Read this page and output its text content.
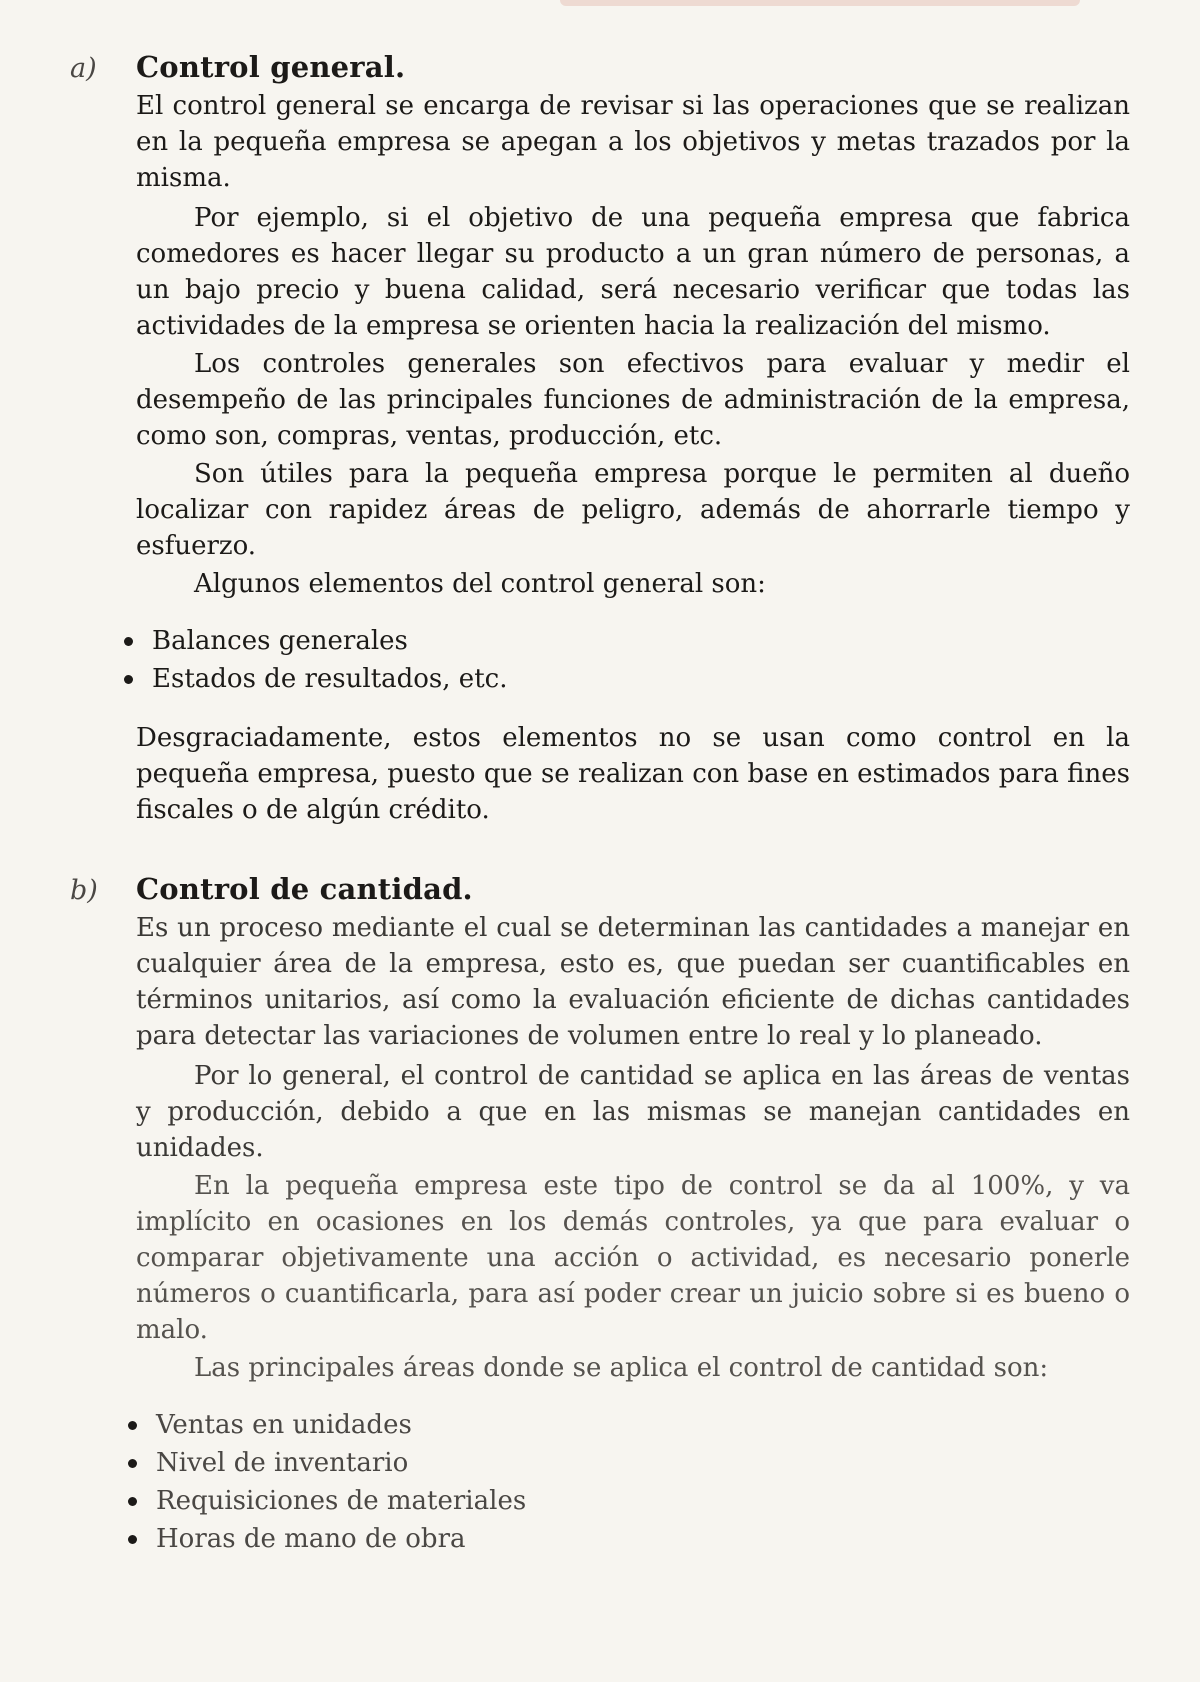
a)	Control general.

El control general se encarga de revisar si las operaciones que se realizan en la pequeña empresa se apegan a los objetivos y metas trazados por la misma.

Por ejemplo, si el objetivo de una pequeña empresa que fabrica comedores es hacer llegar su producto a un gran número de personas, a un bajo precio y buena calidad, será necesario verificar que todas las actividades de la empresa se orienten hacia la realización del mismo.

Los controles generales son efectivos para evaluar y medir el desempeño de las principales funciones de administración de la empresa, como son, compras, ventas, producción, etc.

Son útiles para la pequeña empresa porque le permiten al dueño localizar con rapidez áreas de peligro, además de ahorrarle tiempo y esfuerzo.

Algunos elementos del control general son:

Balances generales
Estados de resultados, etc.

Desgraciadamente, estos elementos no se usan como control en la pequeña empresa, puesto que se realizan con base en estimados para fines fiscales o de algún crédito.

b)	Control de cantidad.

Es un proceso mediante el cual se determinan las cantidades a manejar en cualquier área de la empresa, esto es, que puedan ser cuantificables en términos unitarios, así como la evaluación eficiente de dichas cantidades para detectar las variaciones de volumen entre lo real y lo planeado.

Por lo general, el control de cantidad se aplica en las áreas de ventas y producción, debido a que en las mismas se manejan cantidades en unidades.

En la pequeña empresa este tipo de control se da al 100%, y va implícito en ocasiones en los demás controles, ya que para evaluar o comparar objetivamente una acción o actividad, es necesario ponerle números o cuantificarla, para así poder crear un juicio sobre si es bueno o malo.

Las principales áreas donde se aplica el control de cantidad son:

Ventas en unidades
Nivel de inventario
Requisiciones de materiales
Horas de mano de obra
